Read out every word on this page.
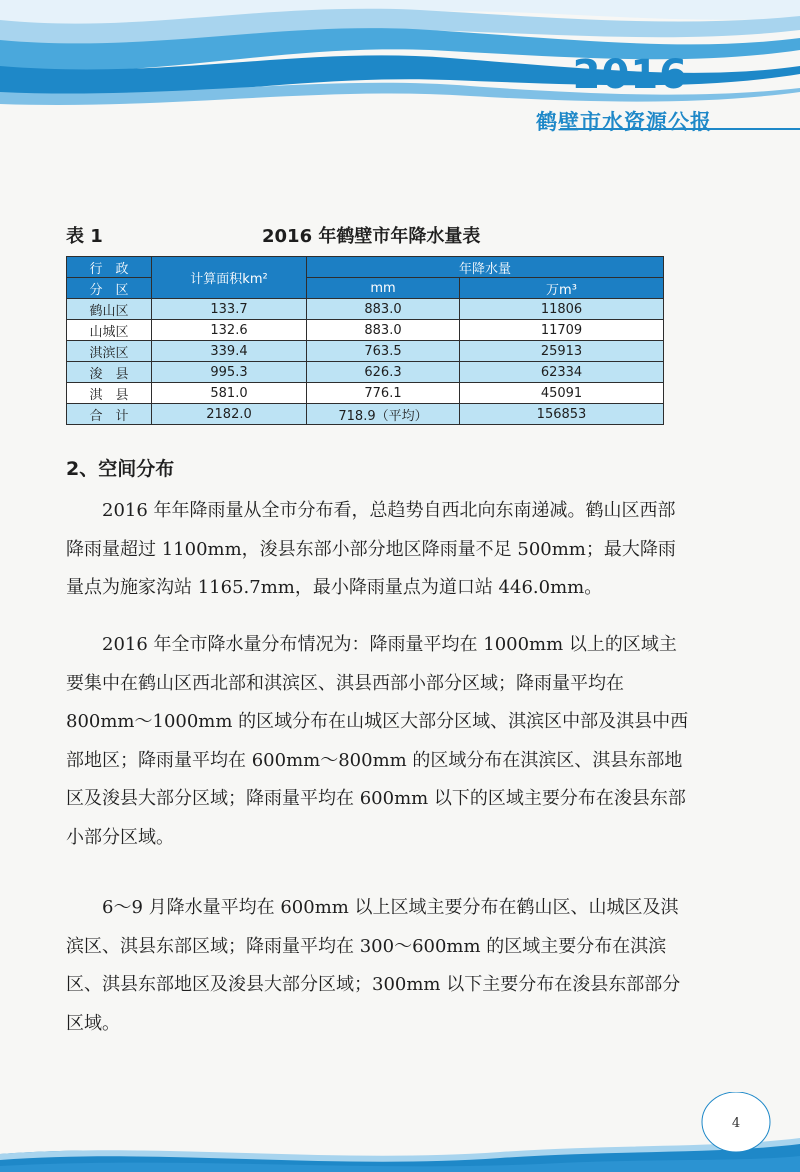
2016
鹤壁市水资源公报
表 1	2016 年鹤壁市年降水量表
行　政	计算面积km²	年降水量	
分　区		mm	万m³
鹤山区	133.7	883.0	11806
山城区	132.6	883.0	11709
淇滨区	339.4	763.5	25913
浚　县	995.3	626.3	62334
淇　县	581.0	776.1	45091
合　计	2182.0	718.9（平均）	156853
2、空间分布

2016 年年降雨量从全市分布看，总趋势自西北向东南递减。鹤山区西部降雨量超过 1100mm，浚县东部小部分地区降雨量不足 500mm；最大降雨量点为施家沟站 1165.7mm，最小降雨量点为道口站 446.0mm。

2016 年全市降水量分布情况为：降雨量平均在 1000mm 以上的区域主要集中在鹤山区西北部和淇滨区、淇县西部小部分区域；降雨量平均在 800mm～1000mm 的区域分布在山城区大部分区域、淇滨区中部及淇县中西部地区；降雨量平均在 600mm～800mm 的区域分布在淇滨区、淇县东部地区及浚县大部分区域；降雨量平均在 600mm 以下的区域主要分布在浚县东部小部分区域。

6～9 月降水量平均在 600mm 以上区域主要分布在鹤山区、山城区及淇滨区、淇县东部区域；降雨量平均在 300～600mm 的区域主要分布在淇滨区、淇县东部地区及浚县大部分区域；300mm 以下主要分布在浚县东部部分区域。

4
